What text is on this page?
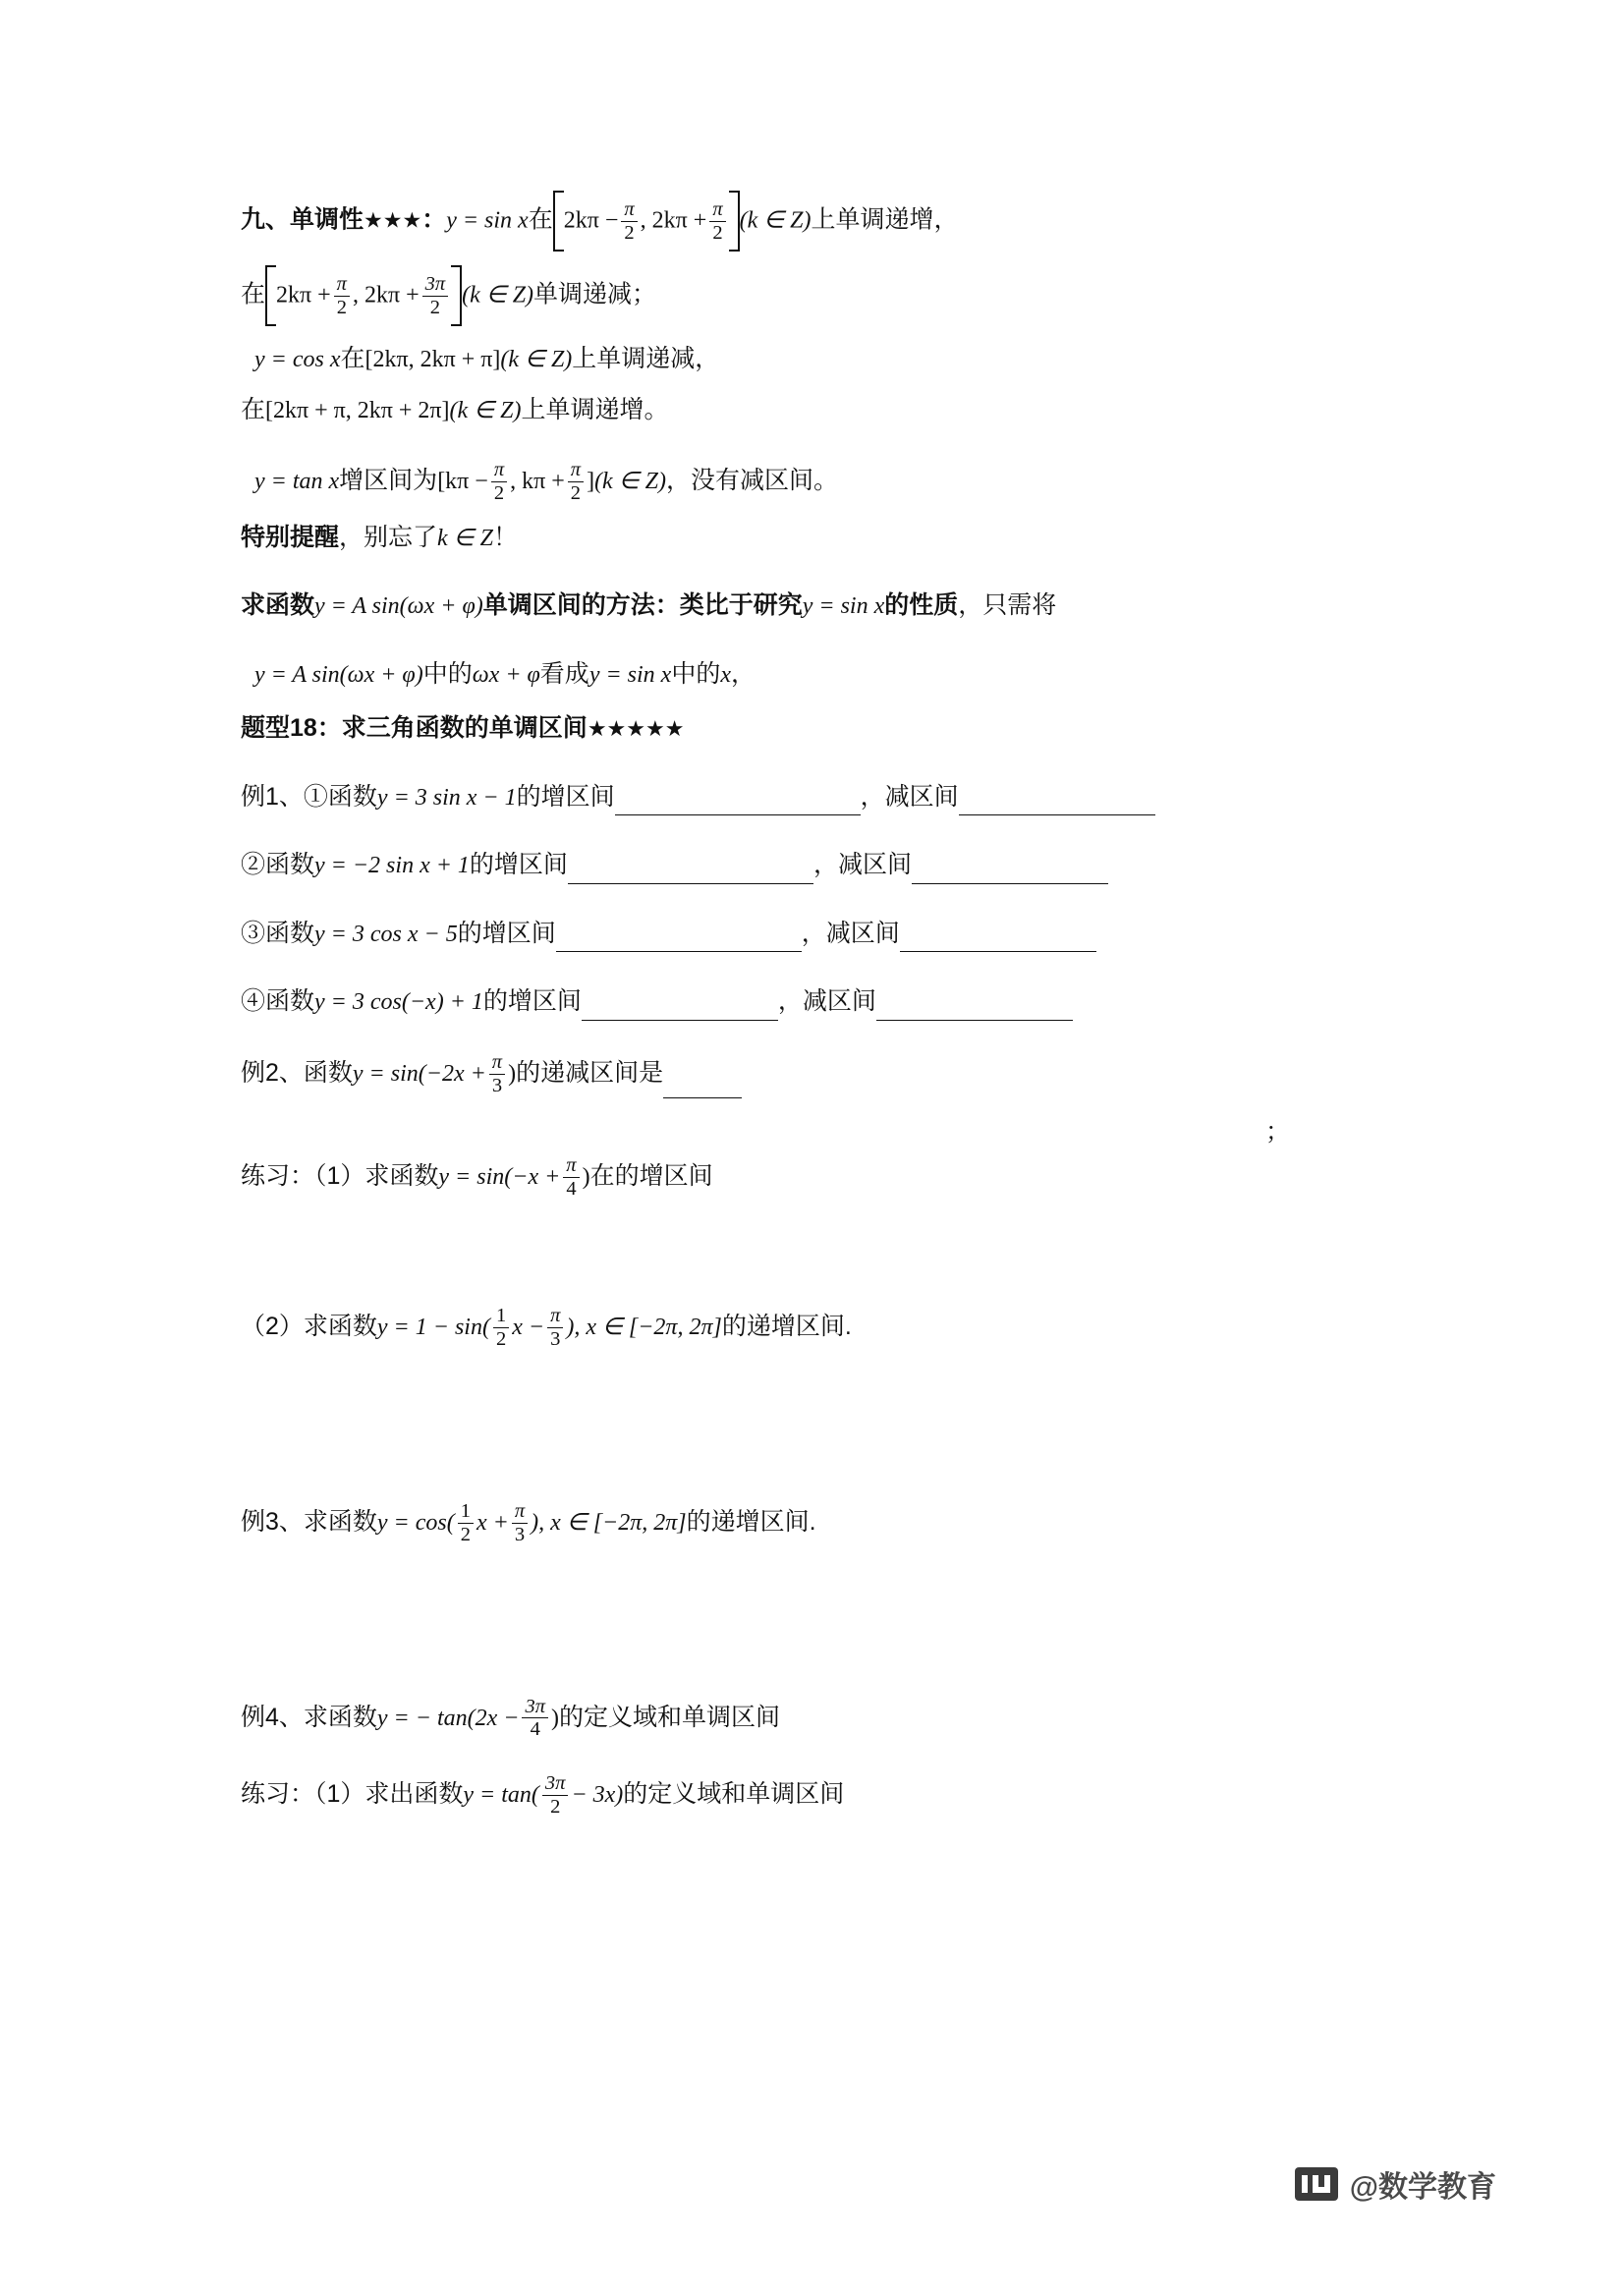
九、单调性★★★：y = sin x在 $2k\pi - \frac{\pi}{2}$ , $2k\pi + \frac{\pi}{2} (k$ ∈ Z)上单调递增，
在 $2k\pi + \frac{\pi}{2}$ , $2k\pi + \frac{3\pi}{2} (k$ ∈ Z)单调递减；
y = cos x在[2kπ, 2kπ + π](k ∈ Z)上单调递减，
在[2kπ + π, 2kπ + 2π](k ∈ Z)上单调递增。
y = tan x增区间为[$k\pi - \frac{\pi}{2}$ , $k\pi + \frac{\pi}{2} ](k$ ∈ Z)，没有减区间。
特别提醒，别忘了k ∈ Z！
求函数y = A sin(ωx + φ)单调区间的方法：类比于研究y = sin x的性质，只需将
y = A sin(ωx + φ)中的ωx + φ看成y = sin x中的x，
题型18：求三角函数的单调区间★★★★★
例1、①函数y = 3 sin x − 1的增区间	，减区间
②函数y = −2 sin x + 1的增区间	，减区间
③函数y = 3 cos x − 5的增区间	，减区间
④函数y = 3 cos(−x) + 1的增区间	，减区间
例2、函数$y = \sin(-2x + \frac{\pi}{3}$ )的递减区间是
；
练习：（1）求函数$y = \sin(-x + \frac{\pi}{4}$ )在的增区间
（2）求函数$y = 1 - \sin( \frac{1}{2}$ $x - \frac{\pi}{3}$ ), x ∈ [−2π, 2π]的递增区间.
例3、求函数$y = \cos( \frac{1}{2}$ $x + \frac{\pi}{3}$ ), x ∈ [−2π, 2π]的递增区间.
例4、求函数y = − $\tan(2x - \frac{3\pi}{4}$ )的定义域和单调区间
练习：（1）求出函数$y = \tan( \frac{3\pi}{2} - 3x)$的定义域和单调区间
@数学教育
